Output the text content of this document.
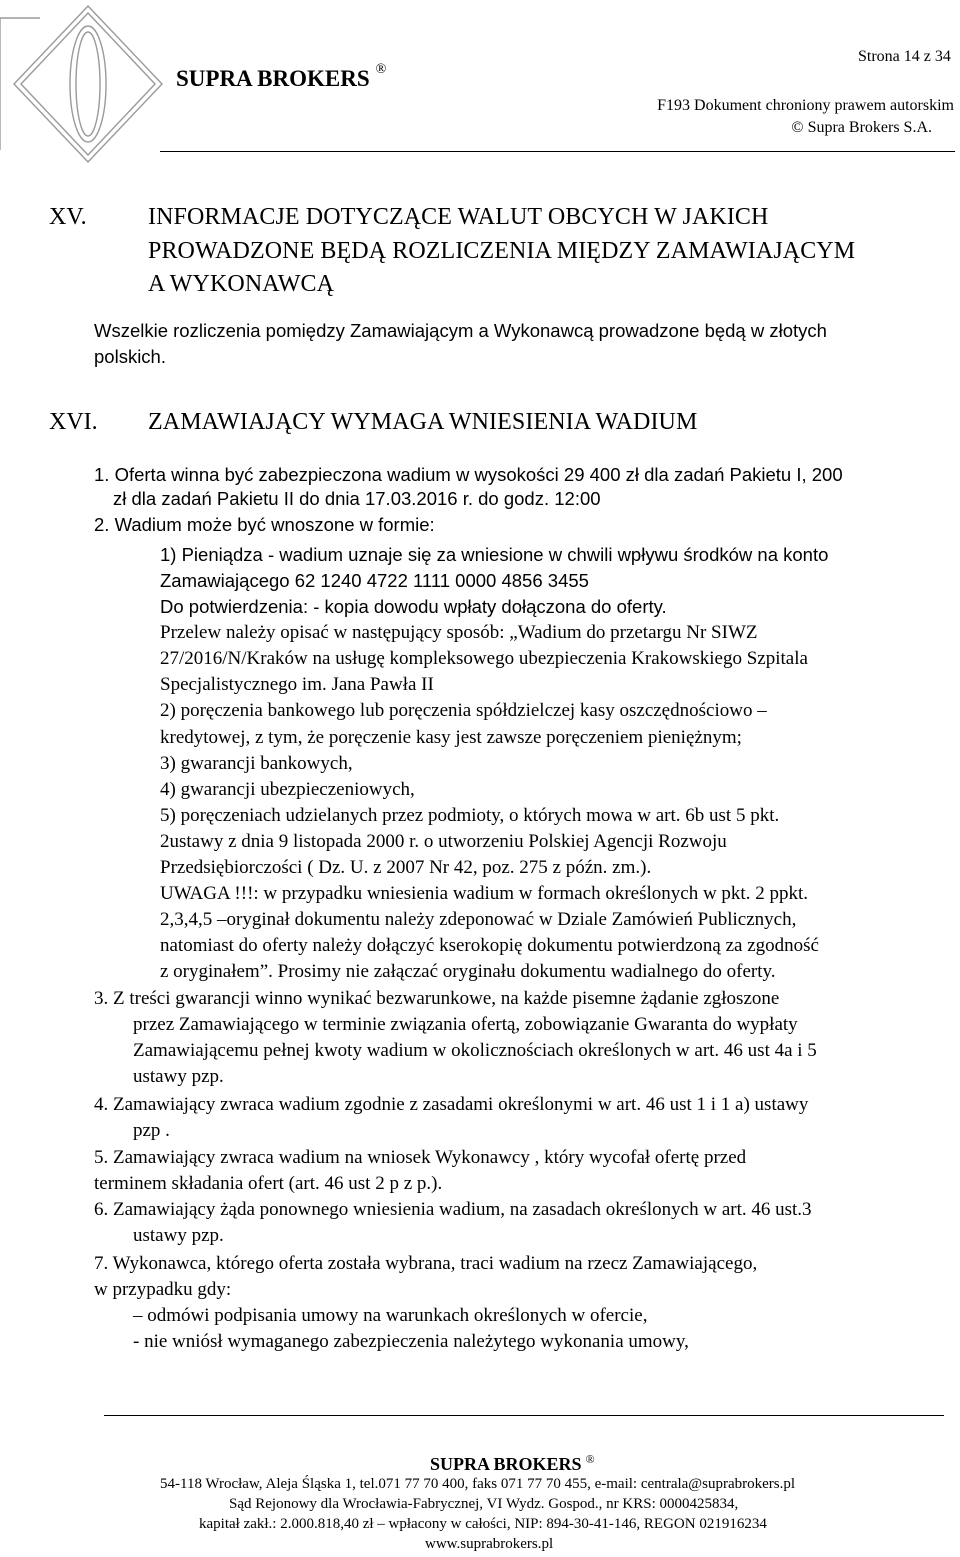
Strona 14 z 34
SUPRA BROKERS ®
F193 Dokument chroniony prawem autorskim
© Supra Brokers S.A.
XV.	INFORMACJE DOTYCZĄCE WALUT OBCYCH W JAKICH
PROWADZONE BĘDĄ ROZLICZENIA MIĘDZY ZAMAWIAJĄCYM
A WYKONAWCĄ
Wszelkie rozliczenia pomiędzy Zamawiającym a Wykonawcą prowadzone będą w złotych
polskich.
XVI. ZAMAWIAJĄCY WYMAGA WNIESIENIA WADIUM
1. Oferta winna być zabezpieczona wadium w wysokości 29 400 zł dla zadań Pakietu I, 200
zł dla zadań Pakietu II do dnia 17.03.2016 r. do godz. 12:00
2. Wadium może być wnoszone w formie:
1) Pieniądza - wadium uznaje się za wniesione w chwili wpływu środków na konto
Zamawiającego 62 1240 4722 1111 0000 4856 3455
Do potwierdzenia: - kopia dowodu wpłaty dołączona do oferty.
Przelew należy opisać w następujący sposób: „Wadium do przetargu Nr SIWZ
27/2016/N/Kraków na usługę kompleksowego ubezpieczenia Krakowskiego Szpitala
Specjalistycznego im. Jana Pawła II
2) poręczenia bankowego lub poręczenia spółdzielczej kasy oszczędnościowo –
kredytowej, z tym, że poręczenie kasy jest zawsze poręczeniem pieniężnym;
3) gwarancji bankowych,
4) gwarancji ubezpieczeniowych,
5) poręczeniach udzielanych przez podmioty, o których mowa w art. 6b ust 5 pkt.
2ustawy z dnia 9 listopada 2000 r. o utworzeniu Polskiej Agencji Rozwoju
Przedsiębiorczości ( Dz. U. z 2007 Nr 42, poz. 275 z późn. zm.).
UWAGA !!!: w przypadku wniesienia wadium w formach określonych w pkt. 2 ppkt.
2,3,4,5 –oryginał dokumentu należy zdeponować w Dziale Zamówień Publicznych,
natomiast do oferty należy dołączyć kserokopię dokumentu potwierdzoną za zgodność
z oryginałem”. Prosimy nie załączać oryginału dokumentu wadialnego do oferty.
3. Z treści gwarancji winno wynikać bezwarunkowe, na każde pisemne żądanie zgłoszone
przez Zamawiającego w terminie związania ofertą, zobowiązanie Gwaranta do wypłaty
Zamawiającemu pełnej kwoty wadium w okolicznościach określonych w art. 46 ust 4a i 5
ustawy pzp.
4. Zamawiający zwraca wadium zgodnie z zasadami określonymi w art. 46 ust 1 i 1 a) ustawy
pzp .
5. Zamawiający zwraca wadium na wniosek Wykonawcy , który wycofał ofertę przed
terminem składania ofert (art. 46 ust 2 p z p.).
6. Zamawiający żąda ponownego wniesienia wadium, na zasadach określonych w art. 46 ust.3
ustawy pzp.
7. Wykonawca, którego oferta została wybrana, traci wadium na rzecz Zamawiającego,
w przypadku gdy:
– odmówi podpisania umowy na warunkach określonych w ofercie,
- nie wniósł wymaganego zabezpieczenia należytego wykonania umowy,
SUPRA BROKERS ®
54-118 Wrocław, Aleja Śląska 1, tel.071 77 70 400, faks 071 77 70 455, e-mail: centrala@suprabrokers.pl
Sąd Rejonowy dla Wrocławia-Fabrycznej, VI Wydz. Gospod., nr KRS: 0000425834,
kapitał zakł.: 2.000.818,40 zł – wpłacony w całości, NIP: 894-30-41-146, REGON 021916234
www.suprabrokers.pl
